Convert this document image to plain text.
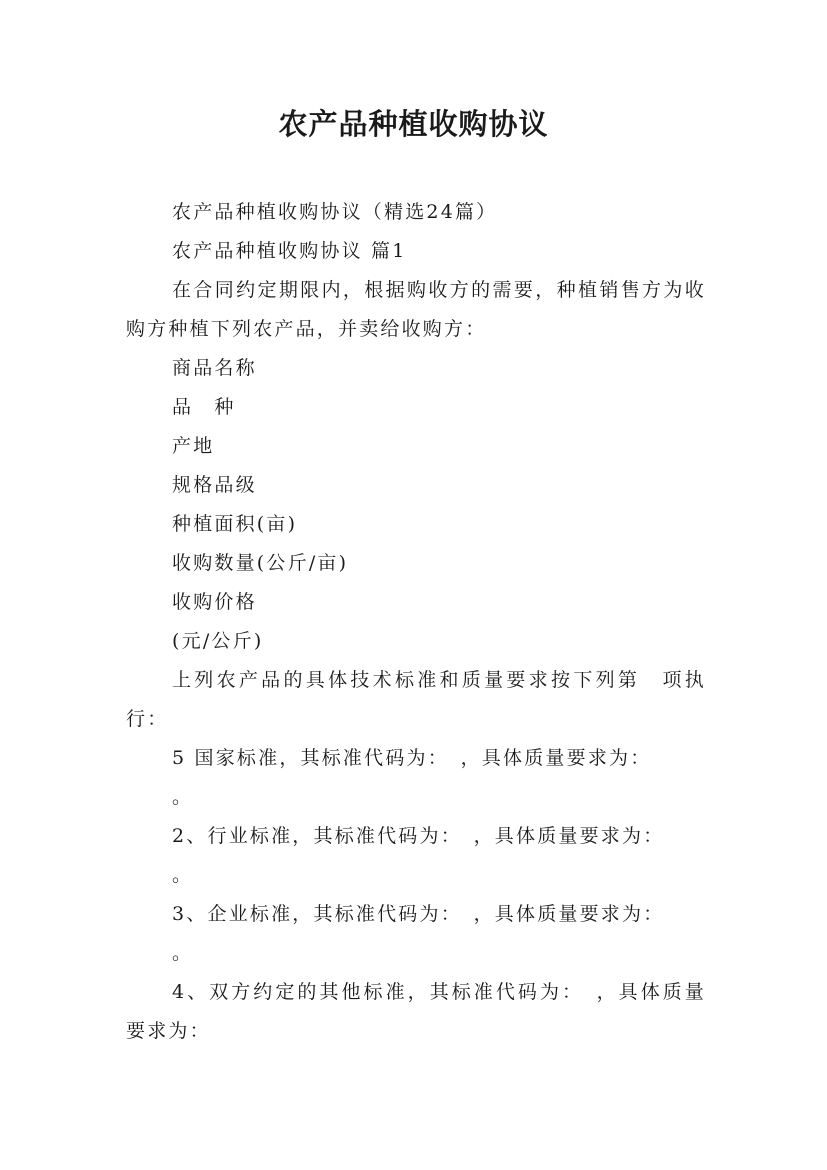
农产品种植收购协议

农产品种植收购协议（精选24篇）

农产品种植收购协议 篇1

在合同约定期限内，根据购收方的需要，种植销售方为收购方种植下列农产品，并卖给收购方：

商品名称

品　种

产地

规格品级

种植面积(亩)

收购数量(公斤/亩)

收购价格

(元/公斤)

上列农产品的具体技术标准和质量要求按下列第　项执行：

5 国家标准，其标准代码为：　，具体质量要求为：

。

2、行业标准，其标准代码为：　，具体质量要求为：

。

3、企业标准，其标准代码为：　，具体质量要求为：

。

4、双方约定的其他标准，其标准代码为：　，具体质量要求为：
